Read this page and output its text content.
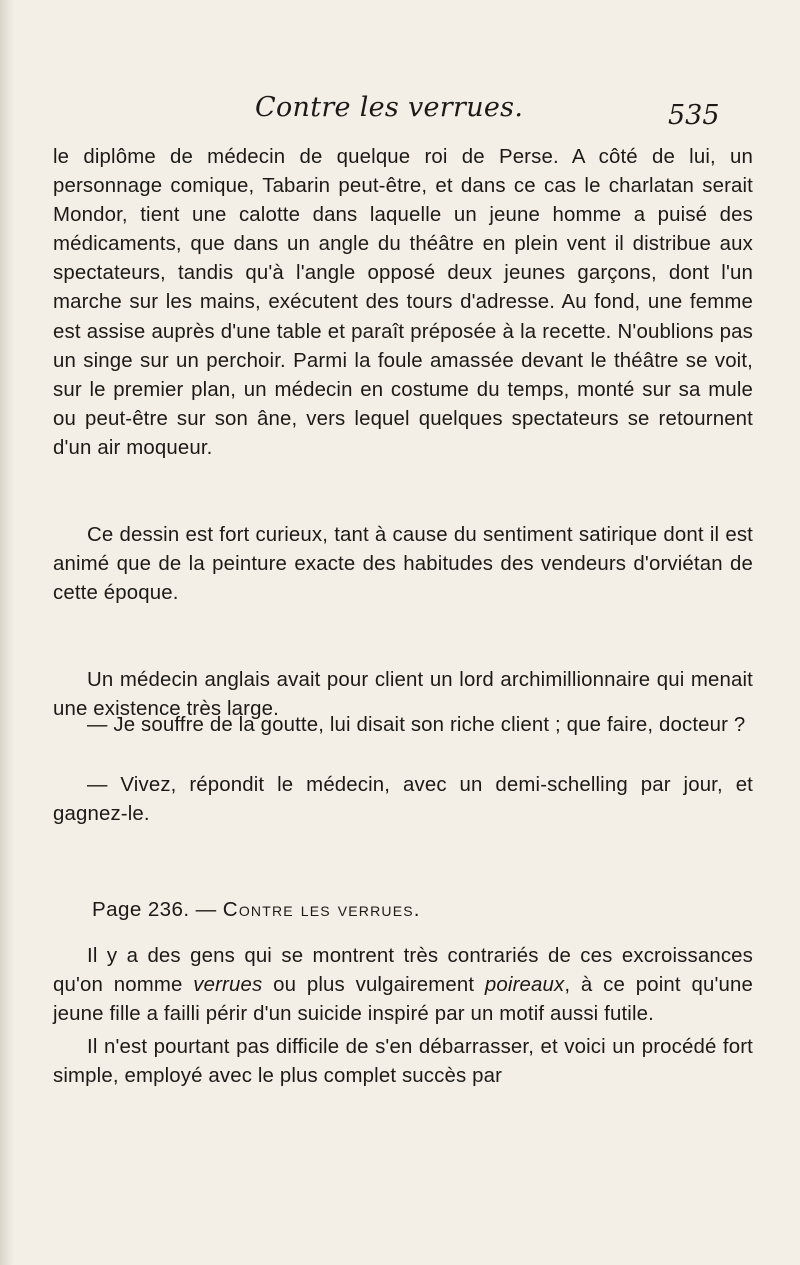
Contre les verrues.	535

le diplôme de médecin de quelque roi de Perse. A côté de lui, un personnage comique, Tabarin peut-être, et dans ce cas le charlatan serait Mondor, tient une calotte dans laquelle un jeune homme a puisé des médicaments, que dans un angle du théâtre en plein vent il distribue aux spectateurs, tandis qu'à l'angle opposé deux jeunes garçons, dont l'un marche sur les mains, exécutent des tours d'adresse. Au fond, une femme est assise auprès d'une table et paraît préposée à la recette. N'oublions pas un singe sur un perchoir. Parmi la foule amassée devant le théâtre se voit, sur le premier plan, un médecin en costume du temps, monté sur sa mule ou peut-être sur son âne, vers lequel quelques spectateurs se retournent d'un air moqueur.

Ce dessin est fort curieux, tant à cause du sentiment satirique dont il est animé que de la peinture exacte des habitudes des vendeurs d'orviétan de cette époque.

Un médecin anglais avait pour client un lord archimillionnaire qui menait une existence très large.

— Je souffre de la goutte, lui disait son riche client ; que faire, docteur ?

— Vivez, répondit le médecin, avec un demi-schelling par jour, et gagnez-le.

Page 236. — Contre les verrues.

Il y a des gens qui se montrent très contrariés de ces excroissances qu'on nomme verrues ou plus vulgairement poireaux, à ce point qu'une jeune fille a failli périr d'un suicide inspiré par un motif aussi futile.

Il n'est pourtant pas difficile de s'en débarrasser, et voici un procédé fort simple, employé avec le plus complet succès par
